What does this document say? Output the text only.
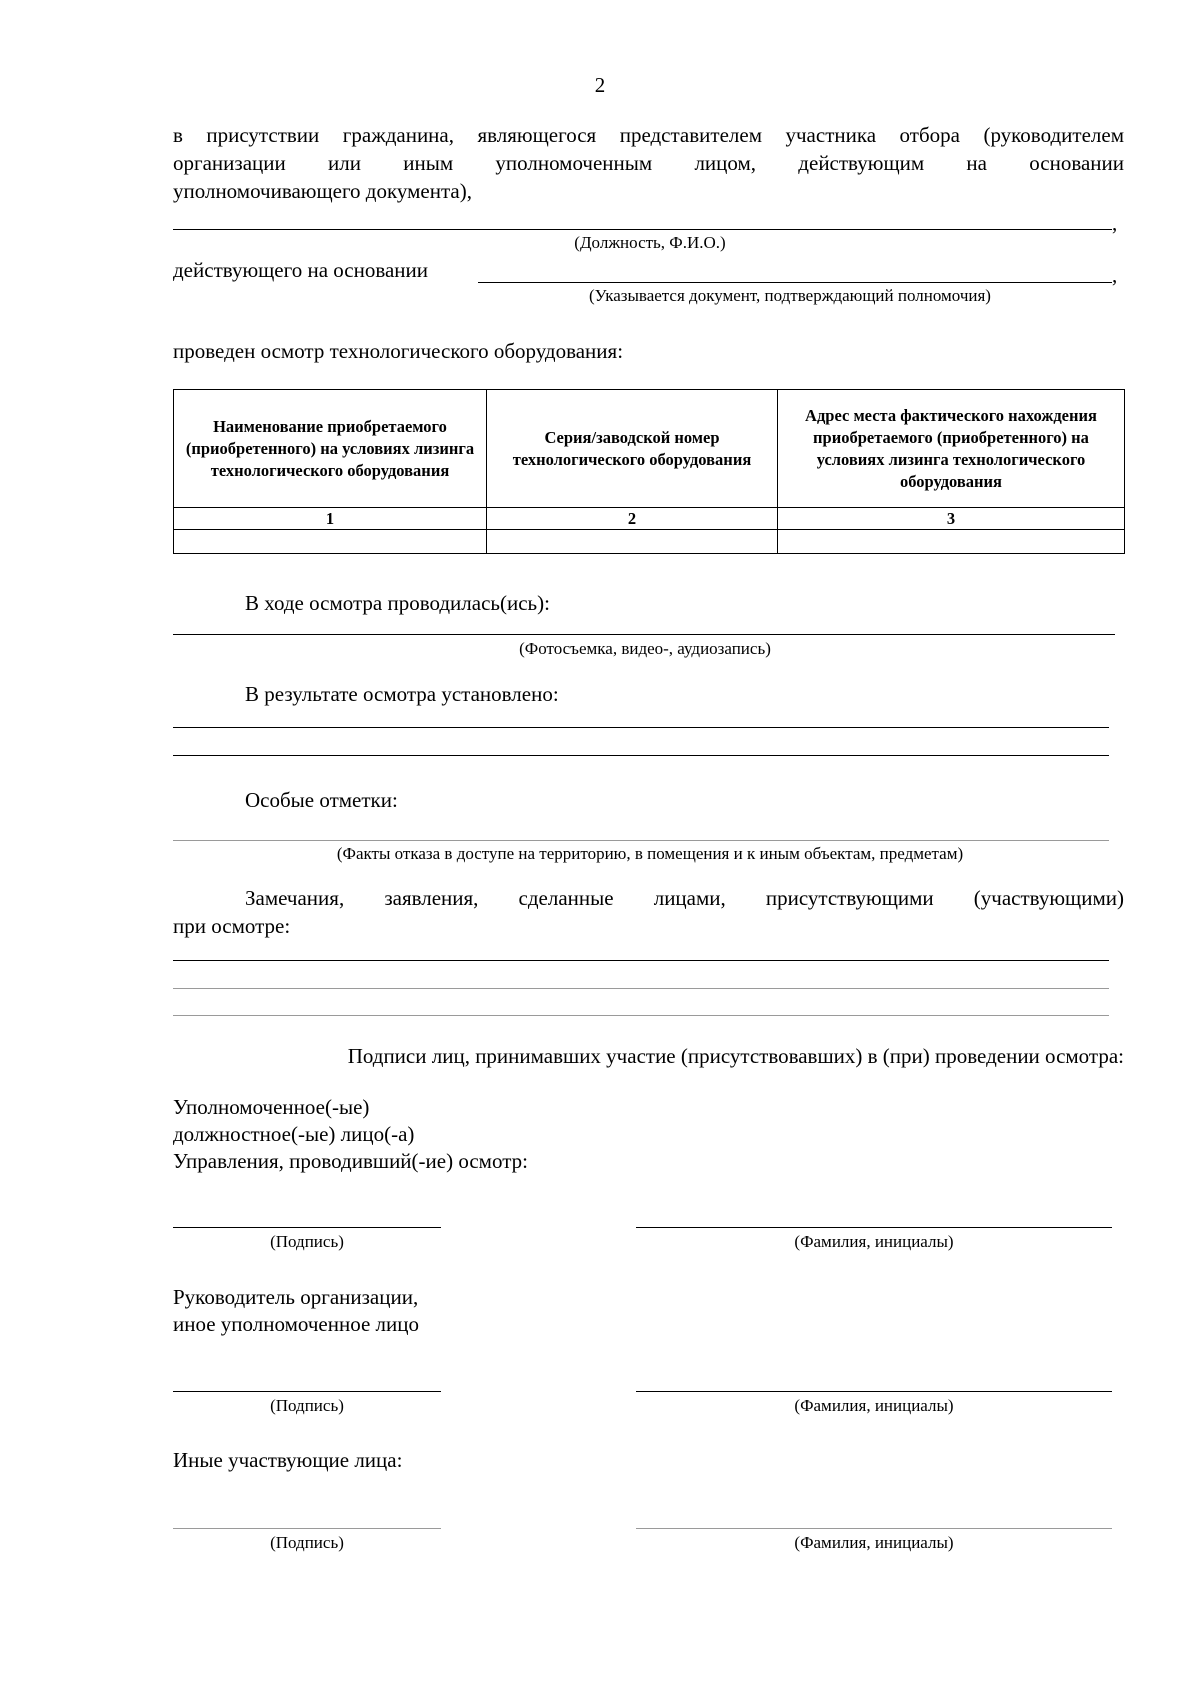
2
в присутствии гражданина, являющегося представителем участника отбора (руководителем
организации или иным уполномоченным лицом, действующим на основании
уполномочивающего документа),
,
(Должность, Ф.И.О.)
действующего на основании	,
(Указывается документ, подтверждающий полномочия)
проведен осмотр технологического оборудования:
Наименование приобретаемого (приобретенного) на условиях лизинга технологического оборудования	Серия/заводской номер технологического оборудования	Адрес места фактического нахождения приобретаемого (приобретенного) на условиях лизинга технологического оборудования
1	2	3

В ходе осмотра проводилась(ись):
(Фотосъемка, видео-, аудиозапись)
В результате осмотра установлено:
Особые отметки:
(Факты отказа в доступе на территорию, в помещения и к иным объектам, предметам)
Замечания, заявления, сделанные лицами, присутствующими (участвующими)
при осмотре:
Подписи лиц, принимавших участие (присутствовавших) в (при) проведении осмотра:
Уполномоченное(-ые)
должностное(-ые) лицо(-а)
Управления, проводивший(-ие) осмотр:
(Подпись)	(Фамилия, инициалы)
Руководитель организации,
иное уполномоченное лицо
(Подпись)	(Фамилия, инициалы)
Иные участвующие лица:
(Подпись)	(Фамилия, инициалы)
